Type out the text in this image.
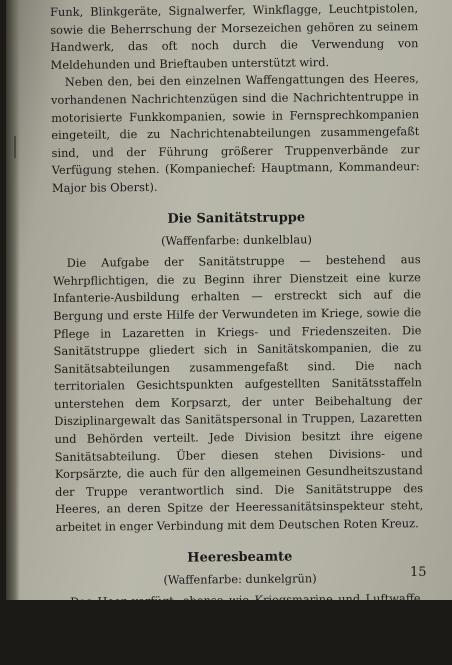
Funk, Blinkgeräte, Signalwerfer, Winkflagge, Leuchtpistolen, sowie die Beherrschung der Morsezeichen gehören zu seinem Handwerk, das oft noch durch die Verwendung von Meldehunden und Brieftauben unterstützt wird.

Neben den, bei den einzelnen Waffengattungen des Heeres, vorhandenen Nachrichtenzügen sind die Nachrichtentruppe in motorisierte Funkkompanien, sowie in Fernsprechkompanien eingeteilt, die zu Nachrichtenabteilungen zusammengefaßt sind, und der Führung größerer Truppenverbände zur Verfügung stehen. (Kompaniechef: Hauptmann, Kommandeur: Major bis Oberst).

Die Sanitätstruppe
(Waffenfarbe: dunkelblau)

Die Aufgabe der Sanitätstruppe — bestehend aus Wehrpflichtigen, die zu Beginn ihrer Dienstzeit eine kurze Infanterie-Ausbildung erhalten — erstreckt sich auf die Bergung und erste Hilfe der Verwundeten im Kriege, sowie die Pflege in Lazaretten in Kriegs- und Friedenszeiten. Die Sanitätstruppe gliedert sich in Sanitätskompanien, die zu Sanitätsabteilungen zusammengefaßt sind. Die nach territorialen Gesichtspunkten aufgestellten Sanitätsstaffeln unterstehen dem Korpsarzt, der unter Beibehaltung der Disziplinargewalt das Sanitätspersonal in Truppen, Lazaretten und Behörden verteilt. Jede Division besitzt ihre eigene Sanitätsabteilung. Über diesen stehen Divisions- und Korpsärzte, die auch für den allgemeinen Gesundheitszustand der Truppe verantwortlich sind. Die Sanitätstruppe des Heeres, an deren Spitze der Heeressanitätsinspekteur steht, arbeitet in enger Verbindung mit dem Deutschen Roten Kreuz.

Heeresbeamte
(Waffenfarbe: dunkelgrün)

Das Heer verfügt, ebenso wie Kriegsmarine und Luftwaffe, über eine große Anzahl von Heeresbeamten, die der Heeresverwaltung (H.V.) unterstehend entweder dem Reichskriegs-

15
